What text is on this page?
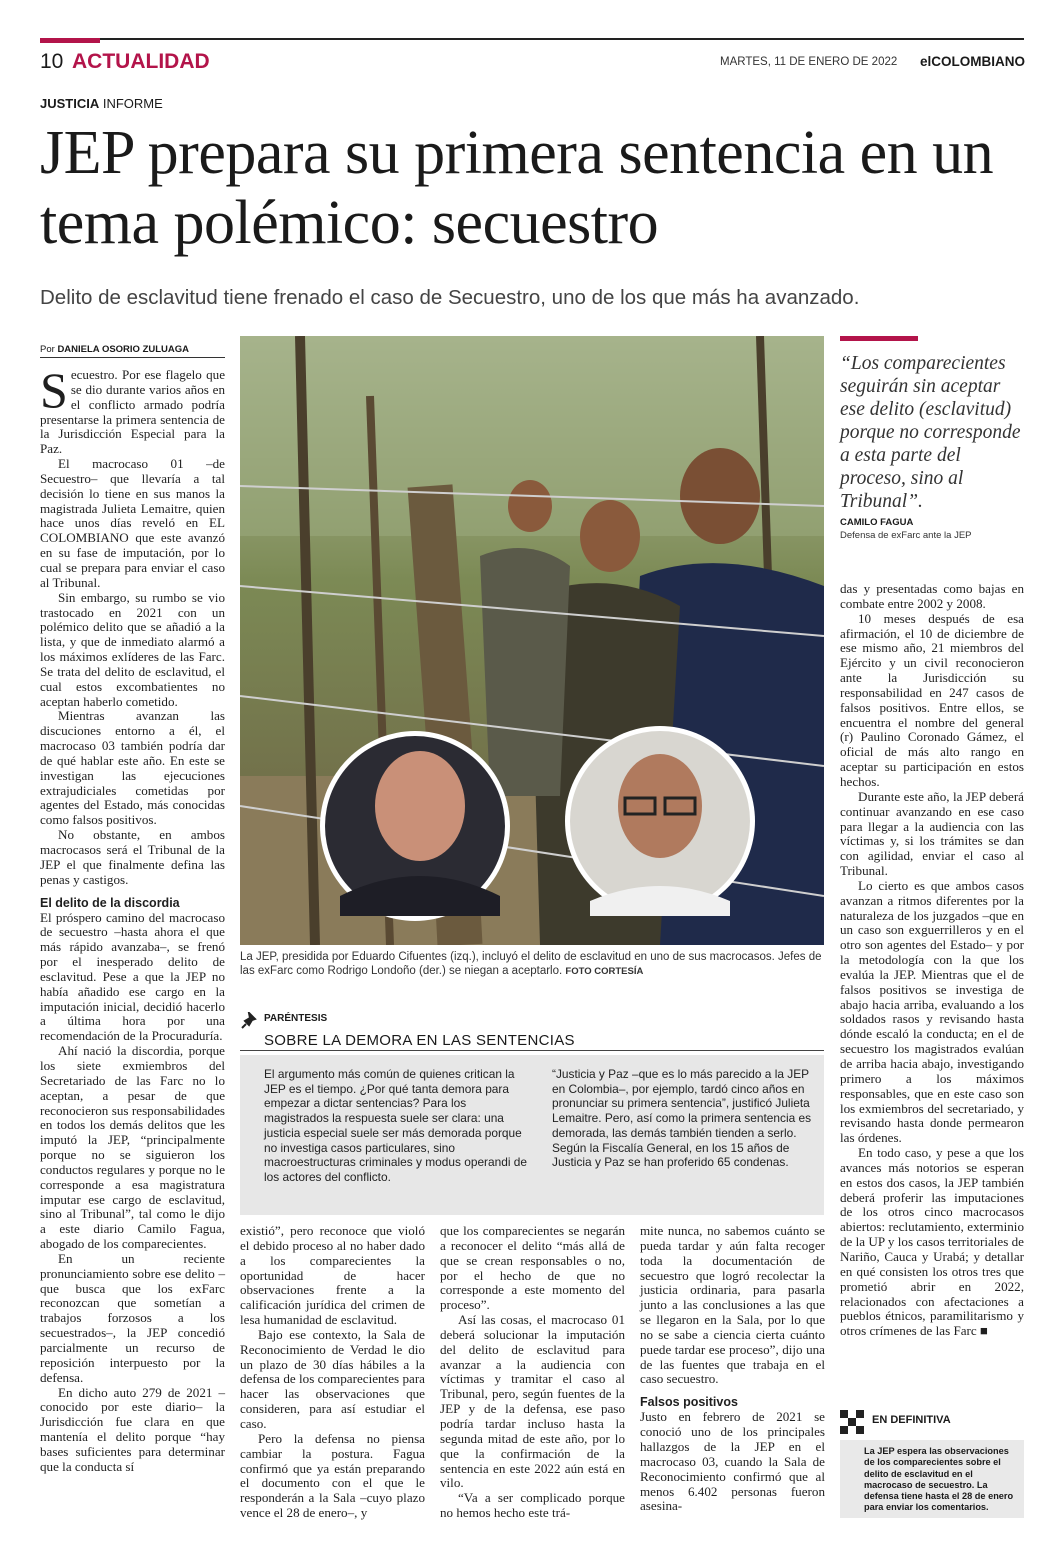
10 ACTUALIDAD	MARTES, 11 DE ENERO DE 2022 elCOLOMBIANO
JUSTICIA INFORME
JEP prepara su primera sentencia en un tema polémico: secuestro
Delito de esclavitud tiene frenado el caso de Secuestro, uno de los que más ha avanzado.
Por DANIELA OSORIO ZULUAGA

Secuestro. Por ese flagelo que se dio durante varios años en el conflicto armado podría presentarse la primera sentencia de la Jurisdicción Especial para la Paz.

El macrocaso 01 –de Secuestro– que llevaría a tal decisión lo tiene en sus manos la magistrada Julieta Lemaitre, quien hace unos días reveló en EL COLOMBIANO que este avanzó en su fase de imputación, por lo cual se prepara para enviar el caso al Tribunal.

Sin embargo, su rumbo se vio trastocado en 2021 con un polémico delito que se añadió a la lista, y que de inmediato alarmó a los máximos exlíderes de las Farc. Se trata del delito de esclavitud, el cual estos excombatientes no aceptan haberlo cometido.

Mientras avanzan las discuciones entorno a él, el macrocaso 03 también podría dar de qué hablar este año. En este se investigan las ejecuciones extrajudiciales cometidas por agentes del Estado, más conocidas como falsos positivos.

No obstante, en ambos macrocasos será el Tribunal de la JEP el que finalmente defina las penas y castigos.

El delito de la discordia

El próspero camino del macrocaso de secuestro –hasta ahora el que más rápido avanzaba–, se frenó por el inesperado delito de esclavitud. Pese a que la JEP no había añadido ese cargo en la imputación inicial, decidió hacerlo a última hora por una recomendación de la Procuraduría.

Ahí nació la discordia, porque los siete exmiembros del Secretariado de las Farc no lo aceptan, a pesar de que reconocieron sus responsabilidades en todos los demás delitos que les imputó la JEP, “principalmente porque no se siguieron los conductos regulares y porque no le corresponde a esa magistratura imputar ese cargo de esclavitud, sino al Tribunal”, tal como le dijo a este diario Camilo Fagua, abogado de los comparecientes.

En un reciente pronunciamiento sobre ese delito –que busca que los exFarc reconozcan que sometían a trabajos forzosos a los secuestrados–, la JEP concedió parcialmente un recurso de reposición interpuesto por la defensa.

En dicho auto 279 de 2021 –conocido por este diario– la Jurisdicción fue clara en que mantenía el delito porque “hay bases suficientes para determinar que la conducta sí

La JEP, presidida por Eduardo Cifuentes (izq.), incluyó el delito de esclavitud en uno de sus macrocasos. Jefes de las exFarc como Rodrigo Londoño (der.) se niegan a aceptarlo. FOTO CORTESÍA
PARÉNTESIS
SOBRE LA DEMORA EN LAS SENTENCIAS
El argumento más común de quienes critican la JEP es el tiempo. ¿Por qué tanta demora para empezar a dictar sentencias? Para los magistrados la respuesta suele ser clara: una justicia especial suele ser más demorada porque no investiga casos particulares, sino macroestructuras criminales y modus operandi de los actores del conflicto.
“Justicia y Paz –que es lo más parecido a la JEP en Colombia–, por ejemplo, tardó cinco años en pronunciar su primera sentencia”, justificó Julieta Lemaitre. Pero, así como la primera sentencia es demorada, las demás también tienden a serlo. Según la Fiscalía General, en los 15 años de Justicia y Paz se han proferido 65 condenas.

existió”, pero reconoce que violó el debido proceso al no haber dado a los comparecientes la oportunidad de hacer observaciones frente a la calificación jurídica del crimen de lesa humanidad de esclavitud.

Bajo ese contexto, la Sala de Reconocimiento de Verdad le dio un plazo de 30 días hábiles a la defensa de los comparecientes para hacer las observaciones que consideren, para así estudiar el caso.

Pero la defensa no piensa cambiar la postura. Fagua confirmó que ya están preparando el documento con el que le responderán a la Sala –cuyo plazo vence el 28 de enero–, y

que los comparecientes se negarán a reconocer el delito “más allá de que se crean responsables o no, por el hecho de que no corresponde a este momento del proceso”.

Así las cosas, el macrocaso 01 deberá solucionar la imputación del delito de esclavitud para avanzar a la audiencia con víctimas y tramitar el caso al Tribunal, pero, según fuentes de la JEP y de la defensa, ese paso podría tardar incluso hasta la segunda mitad de este año, por lo que la confirmación de la sentencia en este 2022 aún está en vilo.

“Va a ser complicado porque no hemos hecho este trá-

mite nunca, no sabemos cuánto se pueda tardar y aún falta recoger toda la documentación de secuestro que logró recolectar la justicia ordinaria, para pasarla junto a las conclusiones a las que se llegaron en la Sala, por lo que no se sabe a ciencia cierta cuánto puede tardar ese proceso”, dijo una de las fuentes que trabaja en el caso secuestro.

Falsos positivos

Justo en febrero de 2021 se conoció uno de los principales hallazgos de la JEP en el macrocaso 03, cuando la Sala de Reconocimiento confirmó que al menos 6.402 personas fueron asesina-

“Los comparecientes seguirán sin aceptar ese delito (esclavitud) porque no corresponde a esta parte del proceso, sino al Tribunal”.
CAMILO FAGUA
Defensa de exFarc ante la JEP

das y presentadas como bajas en combate entre 2002 y 2008.

10 meses después de esa afirmación, el 10 de diciembre de ese mismo año, 21 miembros del Ejército y un civil reconocieron ante la Jurisdicción su responsabilidad en 247 casos de falsos positivos. Entre ellos, se encuentra el nombre del general (r) Paulino Coronado Gámez, el oficial de más alto rango en aceptar su participación en estos hechos.

Durante este año, la JEP deberá continuar avanzando en ese caso para llegar a la audiencia con las víctimas y, si los trámites se dan con agilidad, enviar el caso al Tribunal.

Lo cierto es que ambos casos avanzan a ritmos diferentes por la naturaleza de los juzgados –que en un caso son exguerrilleros y en el otro son agentes del Estado– y por la metodología con la que los evalúa la JEP. Mientras que el de falsos positivos se investiga de abajo hacia arriba, evaluando a los soldados rasos y revisando hasta dónde escaló la conducta; en el de secuestro los magistrados evalúan de arriba hacia abajo, investigando primero a los máximos responsables, que en este caso son los exmiembros del secretariado, y revisando hasta donde permearon las órdenes.

En todo caso, y pese a que los avances más notorios se esperan en estos dos casos, la JEP también deberá proferir las imputaciones de los otros cinco macrocasos abiertos: reclutamiento, exterminio de la UP y los casos territoriales de Nariño, Cauca y Urabá; y detallar en qué consisten los otros tres que prometió abrir en 2022, relacionados con afectaciones a pueblos étnicos, paramilitarismo y otros crímenes de las Farc ■

EN DEFINITIVA
La JEP espera las observaciones de los comparecientes sobre el delito de esclavitud en el macrocaso de secuestro. La defensa tiene hasta el 28 de enero para enviar los comentarios.
